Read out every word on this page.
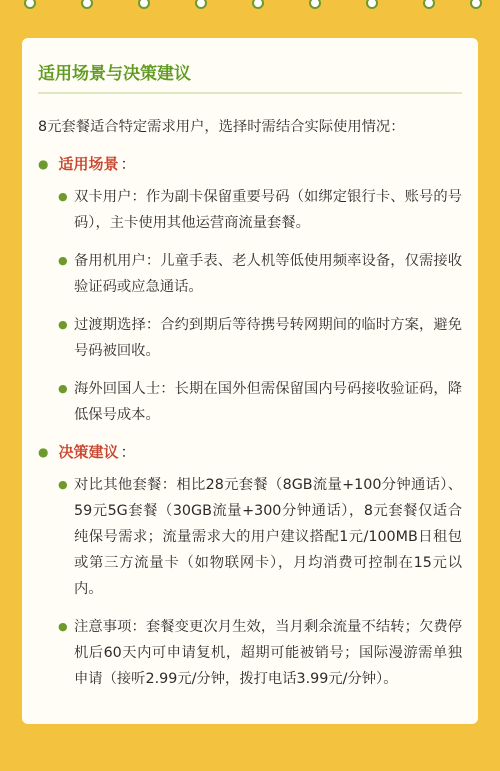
适用场景与决策建议
8元套餐适合特定需求用户，选择时需结合实际使用情况：
● 适用场景 ：
● 双卡用户：作为副卡保留重要号码（如绑定银行卡、账号的号码），主卡使用其他运营商流量套餐。
● 备用机用户：儿童手表、老人机等低使用频率设备，仅需接收验证码或应急通话。
● 过渡期选择：合约到期后等待携号转网期间的临时方案，避免号码被回收。
● 海外回国人士：长期在国外但需保留国内号码接收验证码，降低保号成本。
● 决策建议 ：
● 对比其他套餐：相比28元套餐（8GB流量+100分钟通话）、59元5G套餐（30GB流量+300分钟通话），8元套餐仅适合纯保号需求；流量需求大的用户建议搭配1元/100MB日租包或第三方流量卡（如物联网卡），月均消费可控制在15元以内。
● 注意事项：套餐变更次月生效，当月剩余流量不结转；欠费停机后60天内可申请复机，超期可能被销号；国际漫游需单独申请（接听2.99元/分钟，拨打电话3.99元/分钟）。
